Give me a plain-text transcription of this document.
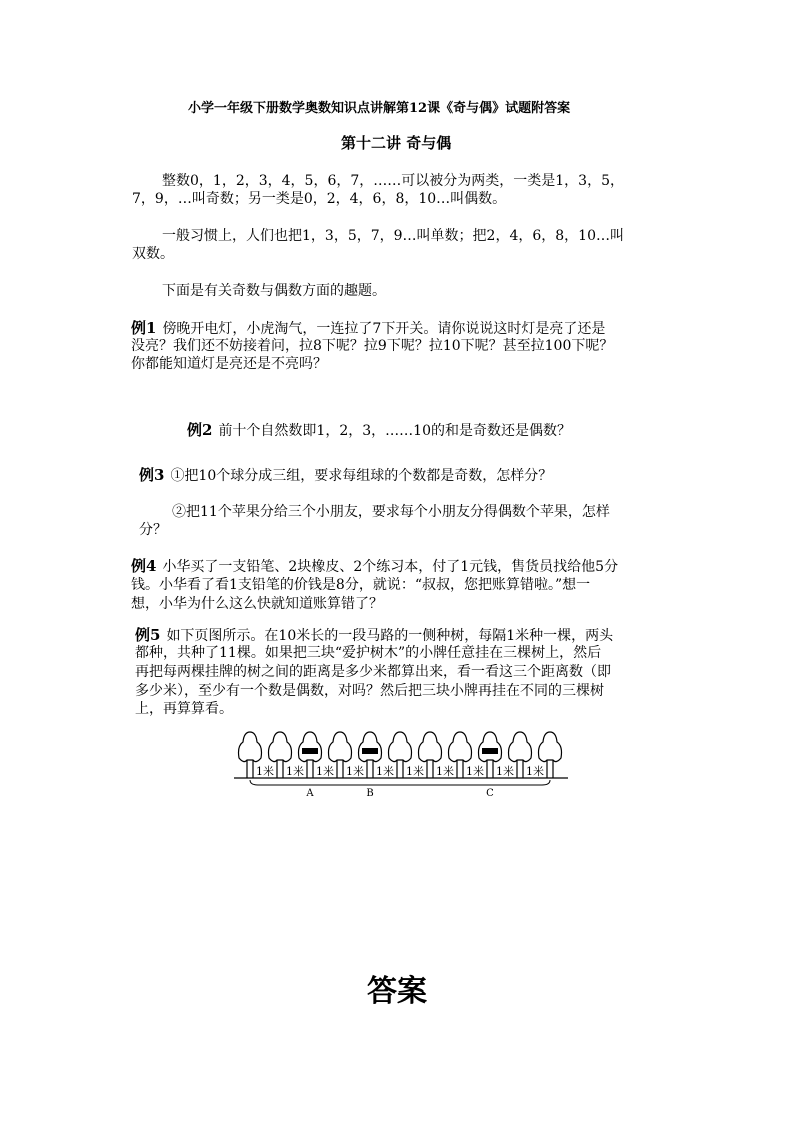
小学一年级下册数学奥数知识点讲解第12课《奇与偶》试题附答案
第十二讲 奇与偶
整数0，1，2，3，4，5，6，7，……可以被分为两类，一类是1，3，5，
7，9，…叫奇数；另一类是0，2，4，6，8，10…叫偶数。
一般习惯上，人们也把1，3，5，7，9…叫单数；把2，4，6，8，10…叫
双数。
下面是有关奇数与偶数方面的趣题。
例1 傍晚开电灯，小虎淘气，一连拉了7下开关。请你说说这时灯是亮了还是
没亮？我们还不妨接着问，拉8下呢？拉9下呢？拉10下呢？甚至拉100下呢？
你都能知道灯是亮还是不亮吗？
例2 前十个自然数即1，2，3，……10的和是奇数还是偶数？
例3 ①把10个球分成三组，要求每组球的个数都是奇数，怎样分？
②把11个苹果分给三个小朋友，要求每个小朋友分得偶数个苹果，怎样
分？
例4 小华买了一支铅笔、2块橡皮、2个练习本，付了1元钱，售货员找给他5分
钱。小华看了看1支铅笔的价钱是8分，就说：“叔叔，您把账算错啦。”想一
想，小华为什么这么快就知道账算错了？
例5 如下页图所示。在10米长的一段马路的一侧种树，每隔1米种一棵，两头
都种，共种了11棵。如果把三块“爱护树木”的小牌任意挂在三棵树上，然后
再把每两棵挂牌的树之间的距离是多少米都算出来，看一看这三个距离数（即
多少米），至少有一个数是偶数，对吗？然后把三块小牌再挂在不同的三棵树
上，再算算看。
1米 1米 1米 1米 1米 1米 1米 1米 1米 1米
A	B	C
答案
